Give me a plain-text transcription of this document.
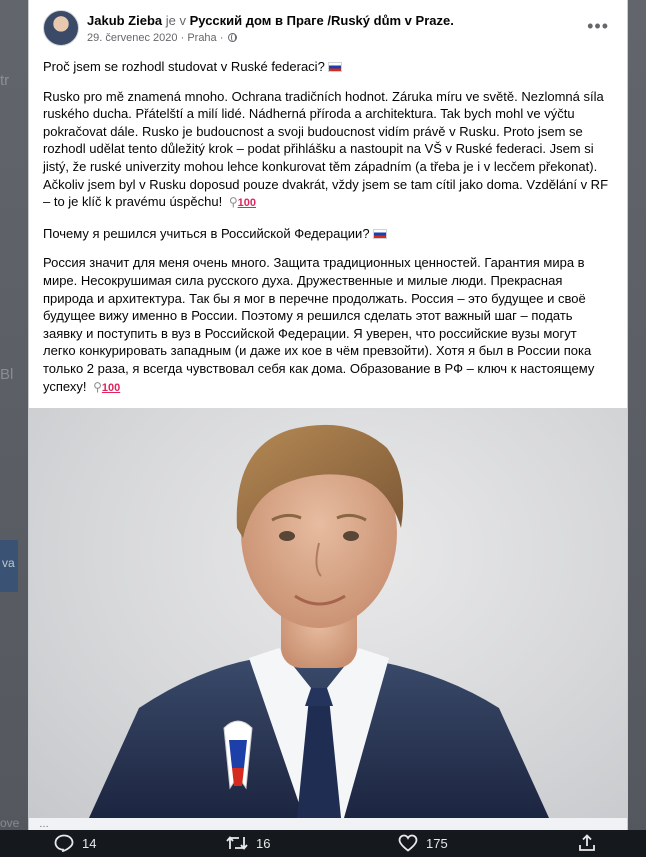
tr
Bl
va
ove
Jakub Zieba je v Русский дом в Праге /Ruský dům v Praze.
29. červenec 2020 · Praha ·
•••

Proč jsem se rozhodl studovat v Ruské federaci?

Rusko pro mě znamená mnoho. Ochrana tradičních hodnot. Záruka míru ve světě. Nezlomná síla ruského ducha. Přátelští a milí lidé. Nádherná příroda a architektura. Tak bych mohl ve výčtu pokračovat dále. Rusko je budoucnost a svoji budoucnost vidím právě v Rusku. Proto jsem se rozhodl udělat tento důležitý krok – podat přihlášku a nastoupit na VŠ v Ruské federaci. Jsem si jistý, že ruské univerzity mohou lehce konkurovat těm západním (a třeba je i v lecčem překonat). Ačkoliv jsem byl v Rusku doposud pouze dvakrát, vždy jsem se tam cítil jako doma. Vzdělání v RF – to je klíč k pravému úspěchu! ⚲100

Почему я решился учиться в Российской Федерации?

Россия значит для меня очень много. Защита традиционных ценностей. Гарантия мира в мире. Несокрушимая сила русского духа. Дружественные и милые люди. Прекрасная природа и архитектура. Так бы я мог в перечне продолжать. Россия – это будущее и своё будущее вижу именно в России. Поэтому я решился сделать этот важный шаг – подать заявку и поступить в вуз в Российской Федерации. Я уверен, что российские вузы могут легко конкурировать западным (и даже их кое в чём превзойти). Хотя я был в России пока только 2 раза, я всегда чувствовал себя как дома. Образование в РФ – ключ к настоящему успеху! ⚲100

…
14	16	175
